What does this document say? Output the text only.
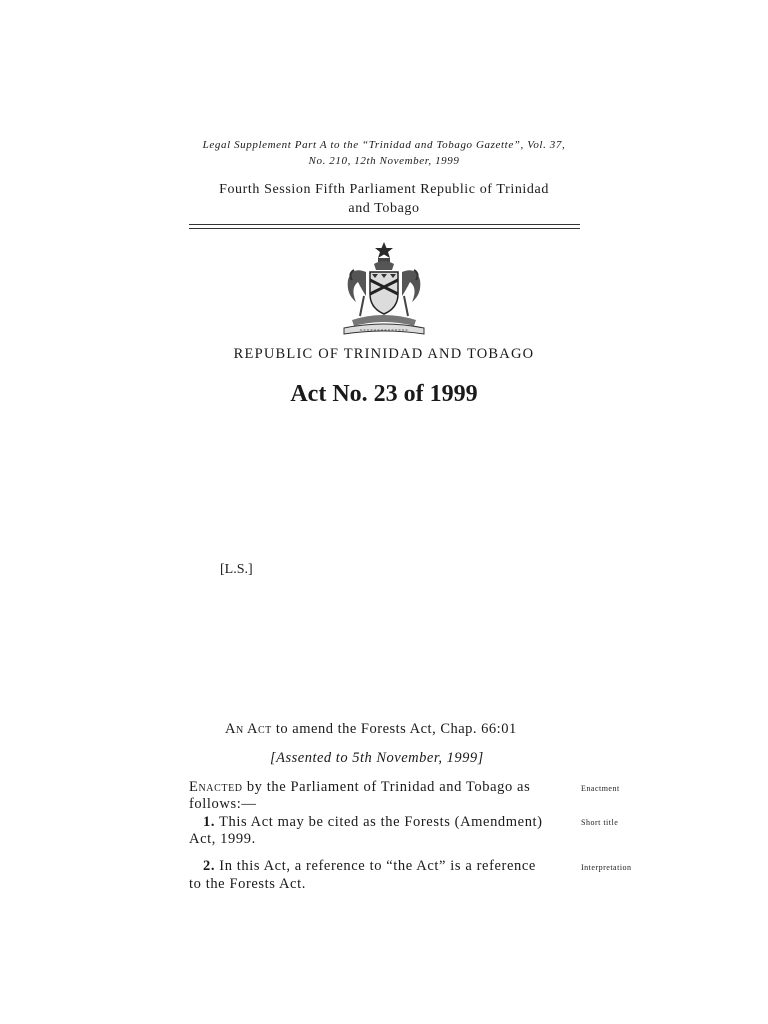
Legal Supplement Part A to the “Trinidad and Tobago Gazette”, Vol. 37,
No. 210, 12th November, 1999
Fourth Session Fifth Parliament Republic of Trinidad
and Tobago
REPUBLIC OF TRINIDAD AND TOBAGO
Act No. 23 of 1999
[L.S.]
An Act to amend the Forests Act, Chap. 66:01
[Assented to 5th November, 1999]
Enacted by the Parliament of Trinidad and Tobago as
follows:—
Enactment
1. This Act may be cited as the Forests (Amendment)
Act, 1999.
Short title
2. In this Act, a reference to “the Act” is a reference
to the Forests Act.
Interpretation
